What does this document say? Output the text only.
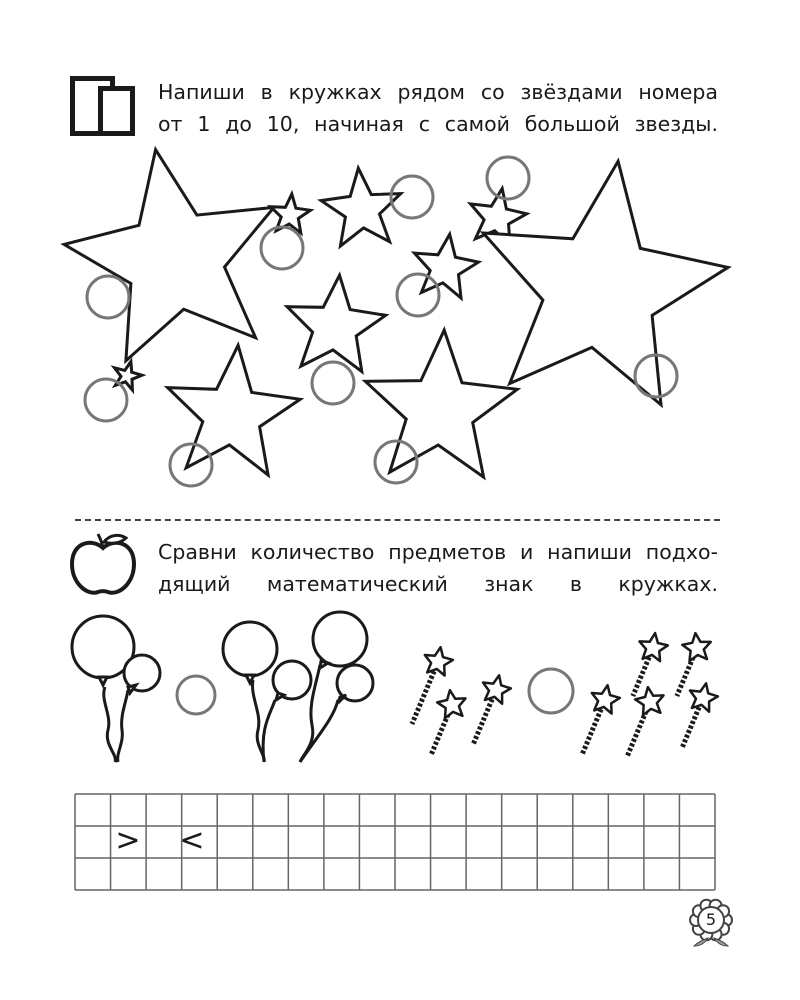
Напиши в кружках рядом со звёздами номера
от 1 до 10, начиная с самой большой звезды.
Сравни количество предметов и напиши подхо-
дящий математический знак в кружках.
> <
5
